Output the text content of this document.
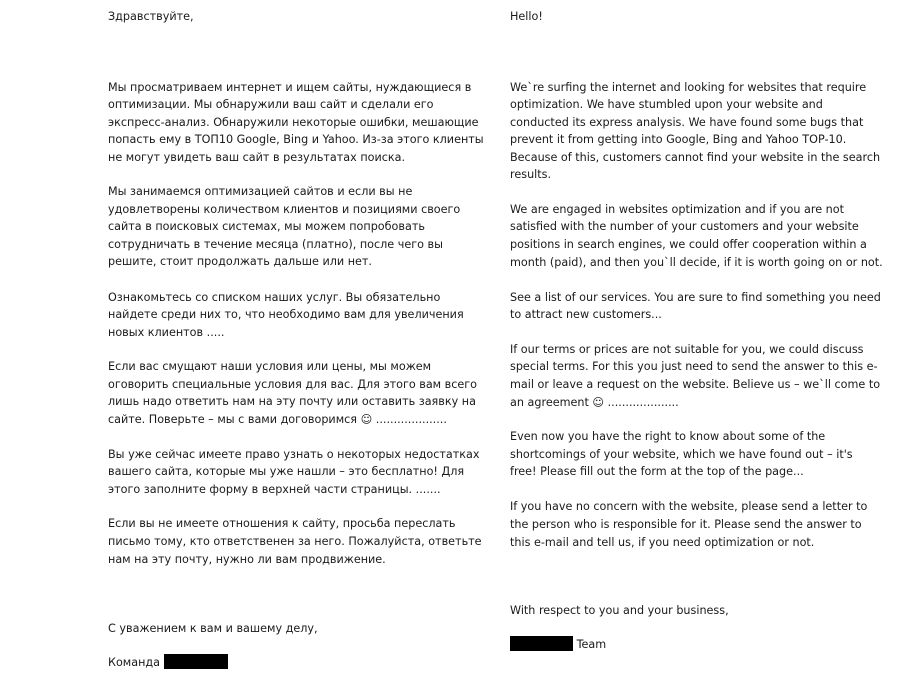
Здравствуйте,
Мы просматриваем интернет и ищем сайты, нуждающиеся в
оптимизации. Мы обнаружили ваш сайт и сделали его
экспресс-анализ. Обнаружили некоторые ошибки, мешающие
попасть ему в ТОП10 Google, Bing и Yahoo. Из-за этого клиенты
не могут увидеть ваш сайт в результатах поиска.
Мы занимаемся оптимизацией сайтов и если вы не
удовлетворены количеством клиентов и позициями своего
сайта в поисковых системах, мы можем попробовать
сотрудничать в течение месяца (платно), после чего вы
решите, стоит продолжать дальше или нет.
Ознакомьтесь со списком наших услуг. Вы обязательно
найдете среди них то, что необходимо вам для увеличения
новых клиентов .....
Если вас смущают наши условия или цены, мы можем
оговорить специальные условия для вас. Для этого вам всего
лишь надо ответить нам на эту почту или оставить заявку на
сайте. Поверьте – мы с вами договоримся ☺ ....................
Вы уже сейчас имеете право узнать о некоторых недостатках
вашего сайта, которые мы уже нашли – это бесплатно! Для
этого заполните форму в верхней части страницы. .......
Если вы не имеете отношения к сайту, просьба переслать
письмо тому, кто ответственен за него. Пожалуйста, ответьте
нам на эту почту, нужно ли вам продвижение.
С уважением к вам и вашему делу,
Команда
Hello!
We`re surfing the internet and looking for websites that require
optimization. We have stumbled upon your website and
conducted its express analysis. We have found some bugs that
prevent it from getting into Google, Bing and Yahoo TOP-10.
Because of this, customers cannot find your website in the search
results.
We are engaged in websites optimization and if you are not
satisfied with the number of your customers and your website
positions in search engines, we could offer cooperation within a
month (paid), and then you`ll decide, if it is worth going on or not.
See a list of our services. You are sure to find something you need
to attract new customers...
If our terms or prices are not suitable for you, we could discuss
special terms. For this you just need to send the answer to this e-
mail or leave a request on the website. Believe us – we`ll come to
an agreement ☺ ....................
Even now you have the right to know about some of the
shortcomings of your website, which we have found out – it's
free! Please fill out the form at the top of the page...
If you have no concern with the website, please send a letter to
the person who is responsible for it. Please send the answer to
this e-mail and tell us, if you need optimization or not.
With respect to you and your business,
Team
